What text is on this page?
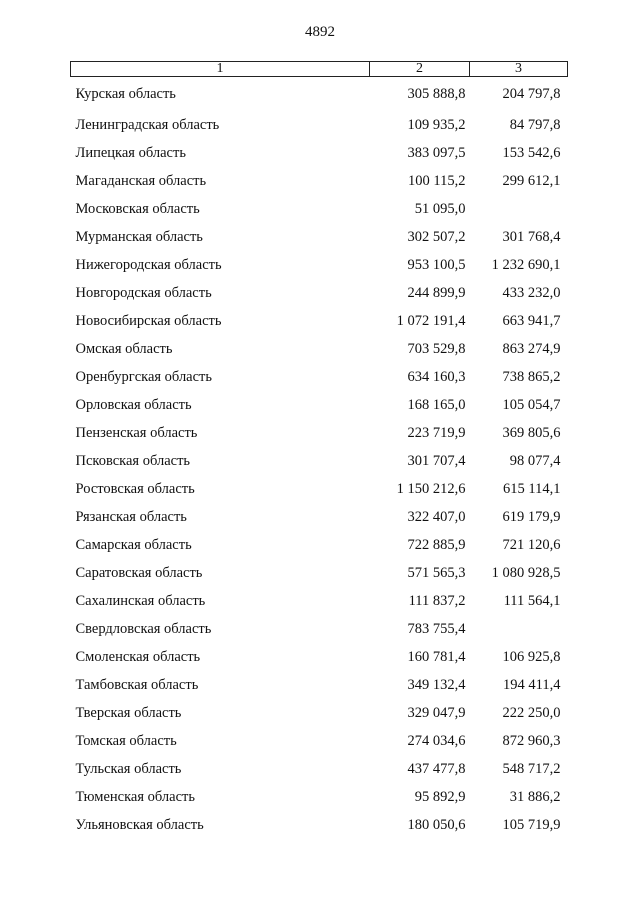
4892
1	2	3
Курская область	305 888,8	204 797,8
Ленинградская область	109 935,2	84 797,8
Липецкая область	383 097,5	153 542,6
Магаданская область	100 115,2	299 612,1
Московская область	51 095,0	
Мурманская область	302 507,2	301 768,4
Нижегородская область	953 100,5	1 232 690,1
Новгородская область	244 899,9	433 232,0
Новосибирская область	1 072 191,4	663 941,7
Омская область	703 529,8	863 274,9
Оренбургская область	634 160,3	738 865,2
Орловская область	168 165,0	105 054,7
Пензенская область	223 719,9	369 805,6
Псковская область	301 707,4	98 077,4
Ростовская область	1 150 212,6	615 114,1
Рязанская область	322 407,0	619 179,9
Самарская область	722 885,9	721 120,6
Саратовская область	571 565,3	1 080 928,5
Сахалинская область	111 837,2	111 564,1
Свердловская область	783 755,4	
Смоленская область	160 781,4	106 925,8
Тамбовская область	349 132,4	194 411,4
Тверская область	329 047,9	222 250,0
Томская область	274 034,6	872 960,3
Тульская область	437 477,8	548 717,2
Тюменская область	95 892,9	31 886,2
Ульяновская область	180 050,6	105 719,9
